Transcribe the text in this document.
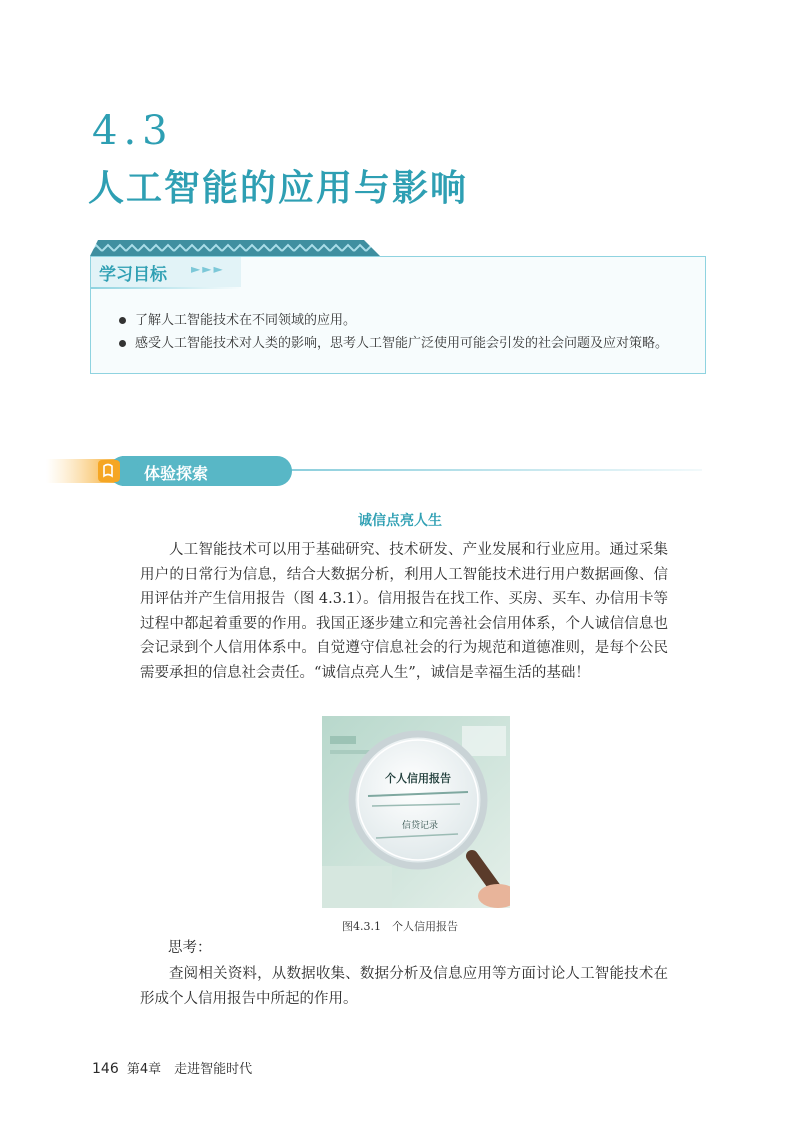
4.3
人工智能的应用与影响
学习目标 ►►►
了解人工智能技术在不同领域的应用。
感受人工智能技术对人类的影响，思考人工智能广泛使用可能会引发的社会问题及应对策略。
体验探索
诚信点亮人生

人工智能技术可以用于基础研究、技术研发、产业发展和行业应用。通过采集用户的日常行为信息，结合大数据分析，利用人工智能技术进行用户数据画像、信用评估并产生信用报告（图 4.3.1）。信用报告在找工作、买房、买车、办信用卡等过程中都起着重要的作用。我国正逐步建立和完善社会信用体系，个人诚信信息也会记录到个人信用体系中。自觉遵守信息社会的行为规范和道德准则，是每个公民需要承担的信息社会责任。“诚信点亮人生”，诚信是幸福生活的基础！

个人信用报告
信贷记录
图4.3.1　个人信用报告

思考：

查阅相关资料，从数据收集、数据分析及信息应用等方面讨论人工智能技术在形成个人信用报告中所起的作用。

146 第4章　走进智能时代
